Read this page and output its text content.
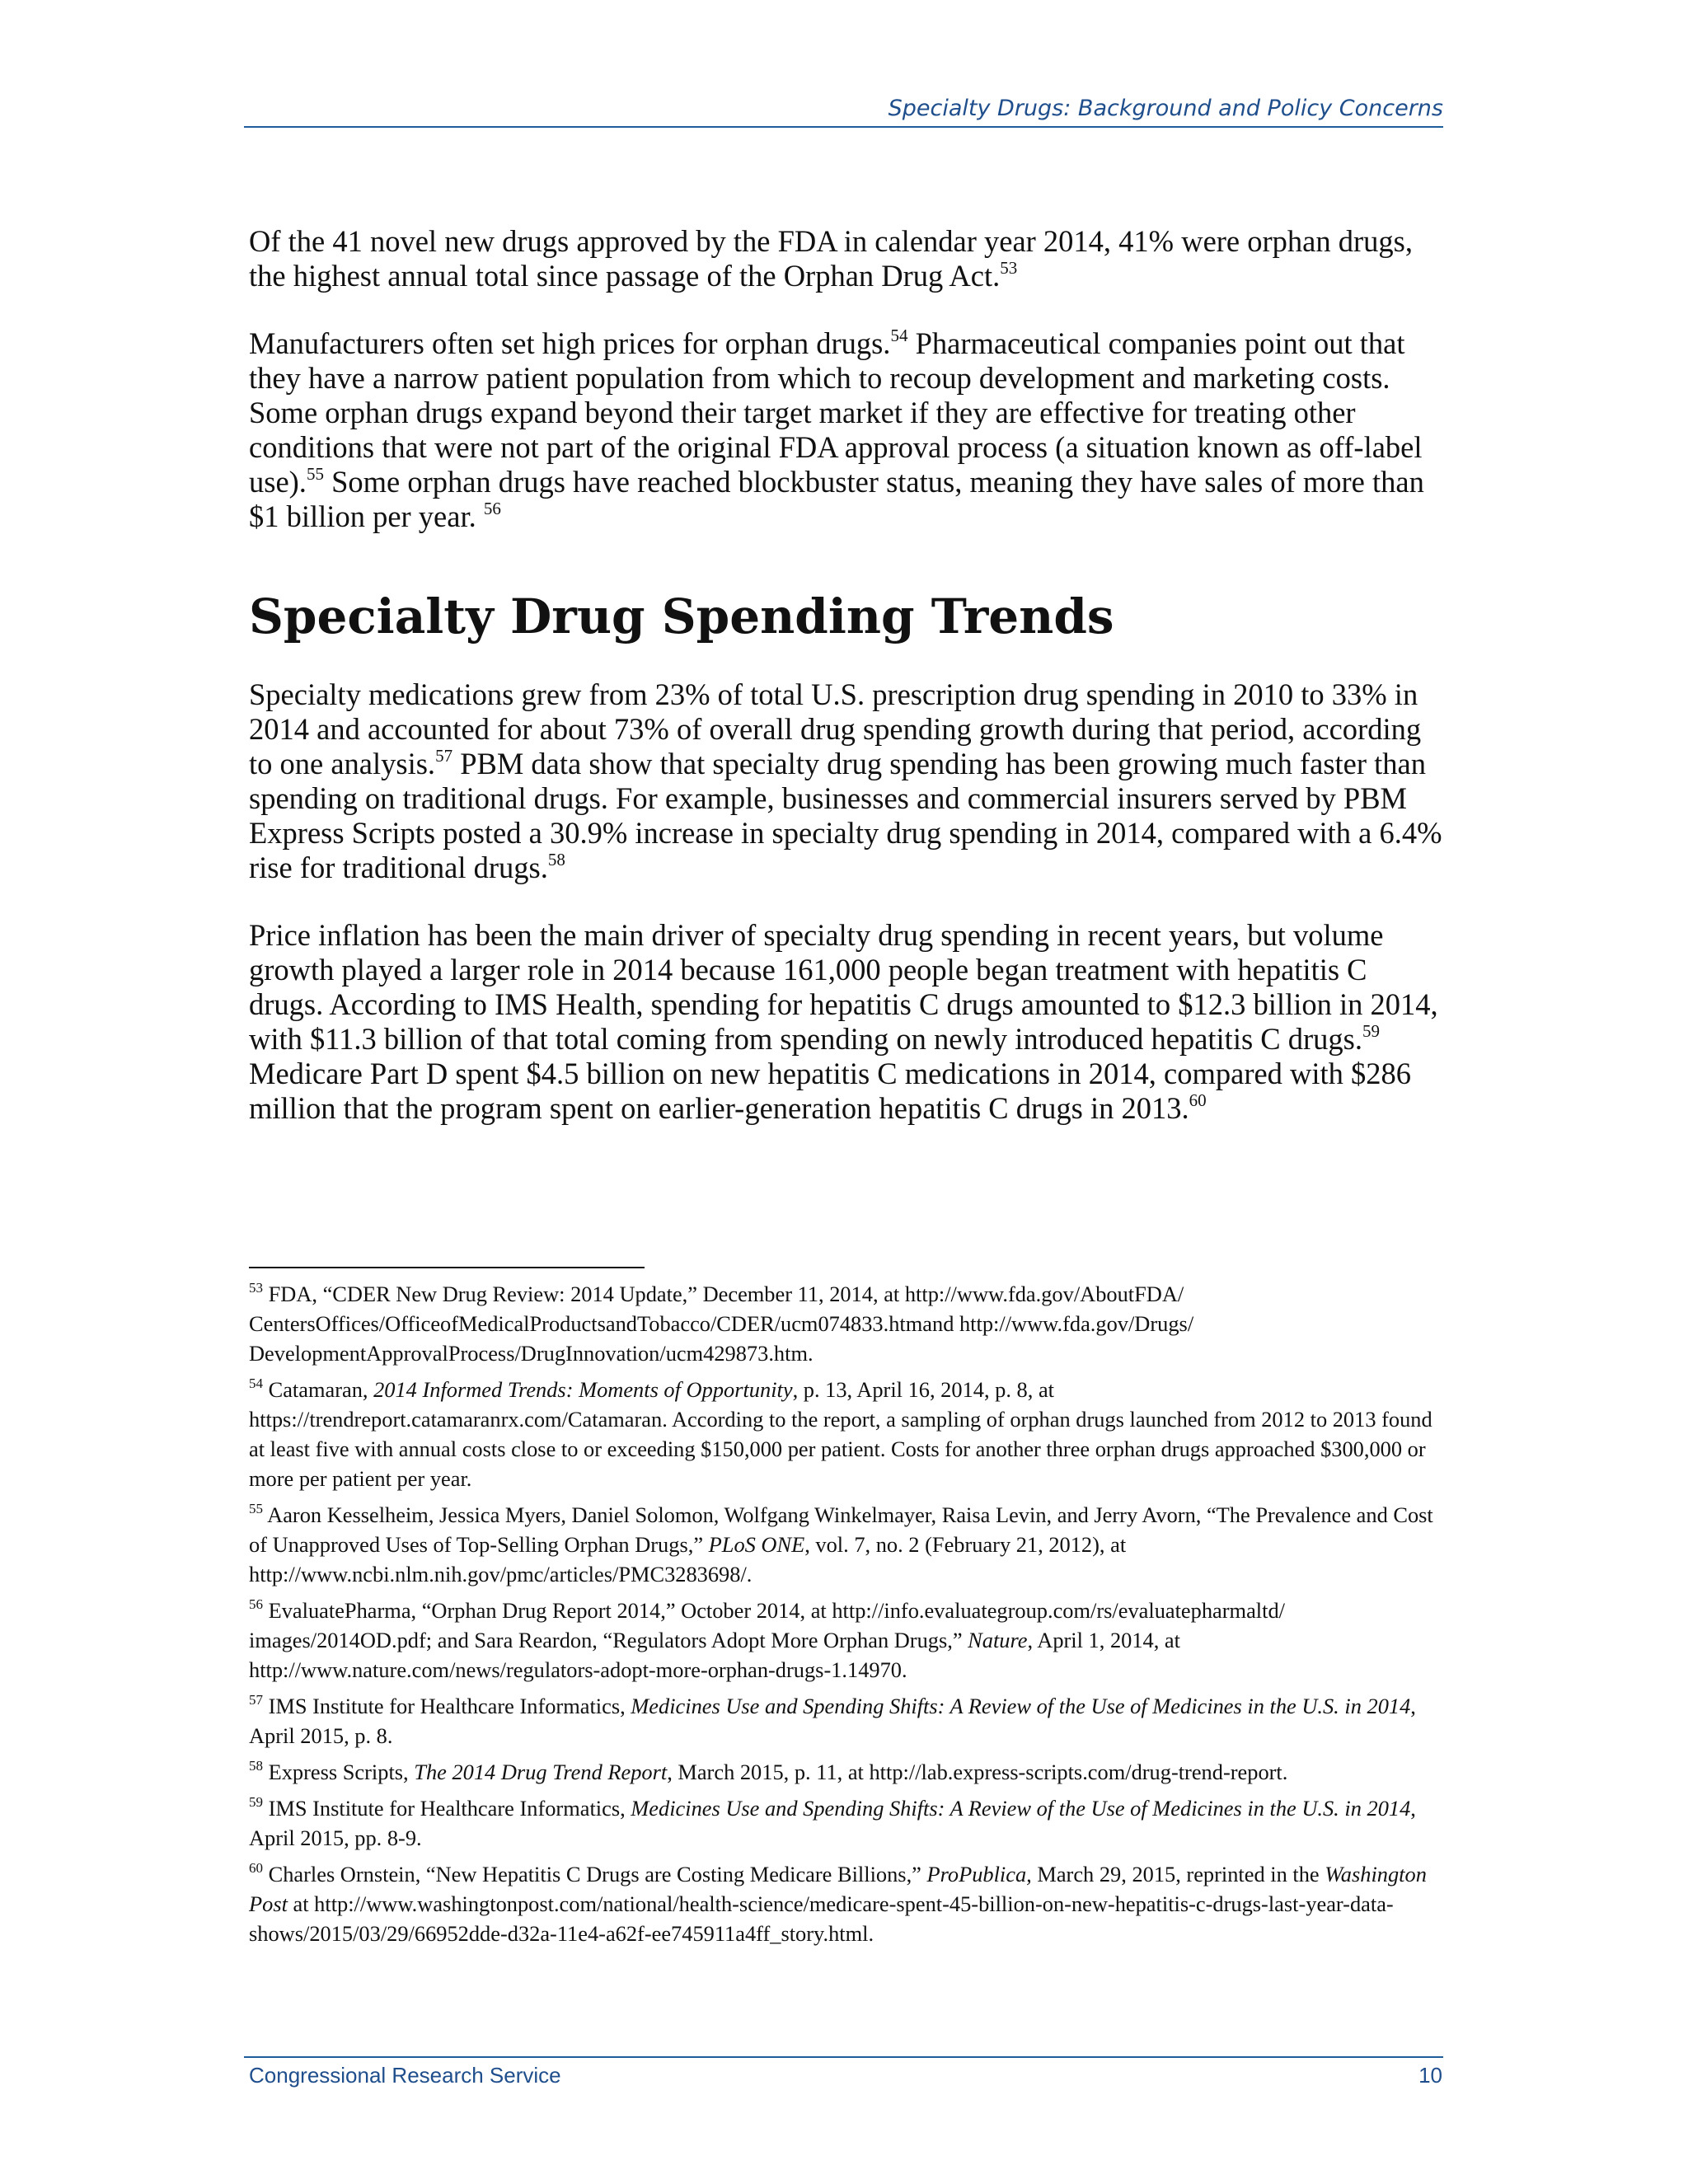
Specialty Drugs: Background and Policy Concerns

Of the 41 novel new drugs approved by the FDA in calendar year 2014, 41% were orphan drugs, the highest annual total since passage of the Orphan Drug Act.$^{53}$

Manufacturers often set high prices for orphan drugs.$^{54}$ Pharmaceutical companies point out that they have a narrow patient population from which to recoup development and marketing costs. Some orphan drugs expand beyond their target market if they are effective for treating other conditions that were not part of the original FDA approval process (a situation known as off-label use).$^{55}$ Some orphan drugs have reached blockbuster status, meaning they have sales of more than $1 billion per year. $^{56}$

Specialty Drug Spending Trends

Specialty medications grew from 23% of total U.S. prescription drug spending in 2010 to 33% in 2014 and accounted for about 73% of overall drug spending growth during that period, according to one analysis.$^{57}$ PBM data show that specialty drug spending has been growing much faster than spending on traditional drugs. For example, businesses and commercial insurers served by PBM Express Scripts posted a 30.9% increase in specialty drug spending in 2014, compared with a 6.4% rise for traditional drugs.$^{58}$

Price inflation has been the main driver of specialty drug spending in recent years, but volume growth played a larger role in 2014 because 161,000 people began treatment with hepatitis C drugs. According to IMS Health, spending for hepatitis C drugs amounted to $12.3 billion in 2014, with $11.3 billion of that total coming from spending on newly introduced hepatitis C drugs.$^{59}$ Medicare Part D spent $4.5 billion on new hepatitis C medications in 2014, compared with $286 million that the program spent on earlier-generation hepatitis C drugs in 2013.60

$^{53}$ FDA, “CDER New Drug Review: 2014 Update,” December 11, 2014, at http://www.fda.gov/AboutFDA/ CentersOffices/OfficeofMedicalProductsandTobacco/CDER/ucm074833.htmand http://www.fda.gov/Drugs/ DevelopmentApprovalProcess/DrugInnovation/ucm429873.htm.

$^{54}$ Catamaran, 2014 Informed Trends: Moments of Opportunity, p. 13, April 16, 2014, p. 8, at https://trendreport.catamaranrx.com/Catamaran. According to the report, a sampling of orphan drugs launched from 2012 to 2013 found at least five with annual costs close to or exceeding $150,000 per patient. Costs for another three orphan drugs approached $300,000 or more per patient per year.

$^{55}$ Aaron Kesselheim, Jessica Myers, Daniel Solomon, Wolfgang Winkelmayer, Raisa Levin, and Jerry Avorn, “The Prevalence and Cost of Unapproved Uses of Top-Selling Orphan Drugs,” PLoS ONE, vol. 7, no. 2 (February 21, 2012), at http://www.ncbi.nlm.nih.gov/pmc/articles/PMC3283698/.

$^{56}$ EvaluatePharma, “Orphan Drug Report 2014,” October 2014, at http://info.evaluategroup.com/rs/evaluatepharmaltd/ images/2014OD.pdf; and Sara Reardon, “Regulators Adopt More Orphan Drugs,” Nature, April 1, 2014, at http://www.nature.com/news/regulators-adopt-more-orphan-drugs-1.14970.

$^{57}$ IMS Institute for Healthcare Informatics, Medicines Use and Spending Shifts: A Review of the Use of Medicines in the U.S. in 2014, April 2015, p. 8.

$^{58}$ Express Scripts, The 2014 Drug Trend Report, March 2015, p. 11, at http://lab.express-scripts.com/drug-trend-report.

$^{59}$ IMS Institute for Healthcare Informatics, Medicines Use and Spending Shifts: A Review of the Use of Medicines in the U.S. in 2014, April 2015, pp. 8-9.

$^{60}$ Charles Ornstein, “New Hepatitis C Drugs are Costing Medicare Billions,” ProPublica, March 29, 2015, reprinted in the Washington Post at http://www.washingtonpost.com/national/health-science/medicare-spent-45-billion-on-new-hepatitis-c-drugs-last-year-data-shows/2015/03/29/66952dde-d32a-11e4-a62f-ee745911a4ff_story.html.

Congressional Research Service	10
